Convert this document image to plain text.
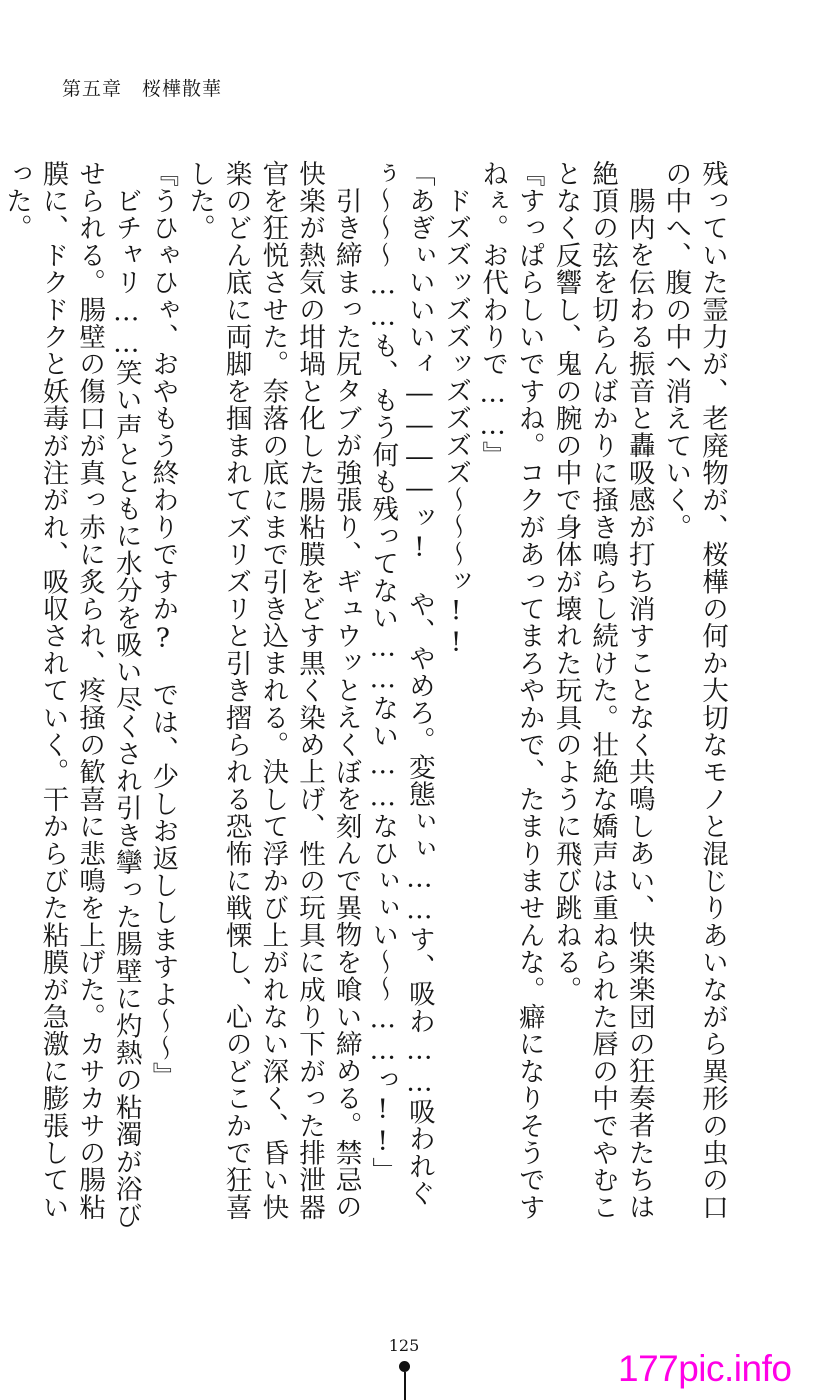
第五章　桜樺散華

残っていた霊力が、老廃物が、桜樺の何か大切なモノと混じりあいながら異形の虫の口の中へ、腹の中へ消えていく。

腸内を伝わる振音と轟吸感が打ち消すことなく共鳴しあい、快楽楽団の狂奏者たちは絶頂の弦を切らんばかりに掻き鳴らし続けた。壮絶な嬌声は重ねられた唇の中でやむことなく反響し、鬼の腕の中で身体が壊れた玩具のように飛び跳ねる。

『すっぱらしいですね。コクがあってまろやかで、たまりませんな。癖になりそうですねぇ。お代わりで……』

ドズズッズズッズズズズ〜〜〜ッ!!

「あぎぃいいいィ――――ッ!　や、やめろ。変態ぃぃ……す、吸わ……吸われぐぅ〜〜〜……も、もう何も残ってない……ない……なひぃぃい〜〜……っ!!」

引き締まった尻タブが強張り、ギュウッとえくぼを刻んで異物を喰い締める。禁忌の快楽が熱気の坩堝と化した腸粘膜をどす黒く染め上げ、性の玩具に成り下がった排泄器官を狂悦させた。奈落の底にまで引き込まれる。決して浮かび上がれない深く、昏い快楽のどん底に両脚を掴まれてズリズリと引き摺られる恐怖に戦慄し、心のどこかで狂喜した。

『うひゃひゃ、おやもう終わりですか?　では、少しお返ししますよ〜〜』

ビチャリ……笑い声とともに水分を吸い尽くされ引き攣った腸壁に灼熱の粘濁が浴びせられる。腸壁の傷口が真っ赤に炙られ、疼掻の歓喜に悲鳴を上げた。カサカサの腸粘膜に、ドクドクと妖毒が注がれ、吸収されていく。干からびた粘膜が急激に膨張していった。

125
177pic.info
